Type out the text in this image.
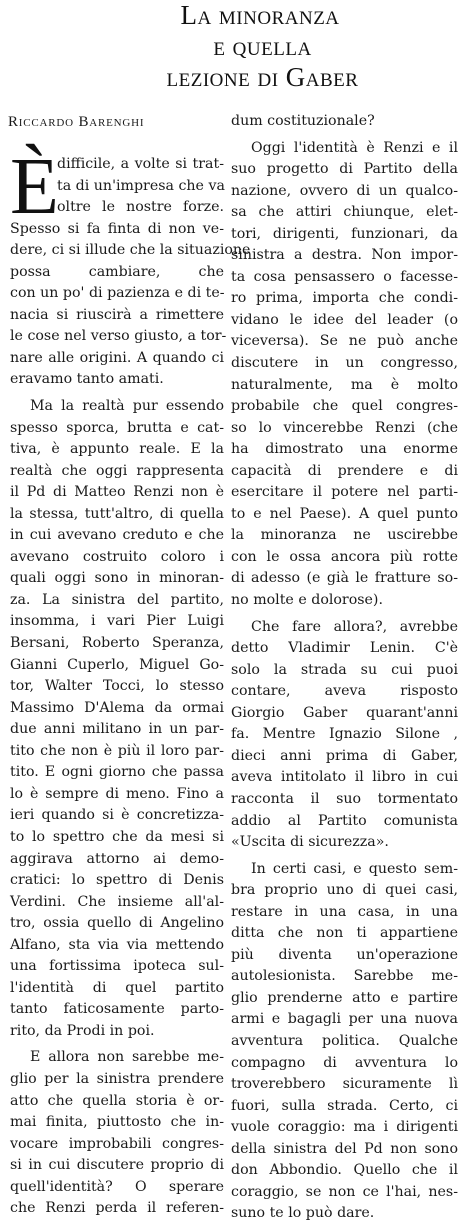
La minoranza
e quella
lezione di Gaber
Riccardo Barenghi
È
difficile, a volte si trat-
ta di un'impresa che va
oltre le nostre forze.
Spesso si fa finta di non ve-
dere, ci si illude che la situazione
possa cambiare, che
con un po' di pazienza e di te-
nacia si riuscirà a rimettere
le cose nel verso giusto, a tor-
nare alle origini. A quando ci
eravamo tanto amati.
Ma la realtà pur essendo
spesso sporca, brutta e cat-
tiva, è appunto reale. E la
realtà che oggi rappresenta
il Pd di Matteo Renzi non è
la stessa, tutt'altro, di quella
in cui avevano creduto e che
avevano costruito coloro i
quali oggi sono in minoran-
za. La sinistra del partito,
insomma, i vari Pier Luigi
Bersani, Roberto Speranza,
Gianni Cuperlo, Miguel Go-
tor, Walter Tocci, lo stesso
Massimo D'Alema da ormai
due anni militano in un par-
tito che non è più il loro par-
tito. E ogni giorno che passa
lo è sempre di meno. Fino a
ieri quando si è concretizza-
to lo spettro che da mesi si
aggirava attorno ai demo-
cratici: lo spettro di Denis
Verdini. Che insieme all'al-
tro, ossia quello di Angelino
Alfano, sta via via mettendo
una fortissima ipoteca sul-
l'identità di quel partito
tanto faticosamente parto-
rito, da Prodi in poi.
E allora non sarebbe me-
glio per la sinistra prendere
atto che quella storia è or-
mai finita, piuttosto che in-
vocare improbabili congres-
si in cui discutere proprio di
quell'identità? O sperare
che Renzi perda il referen-
dum costituzionale?
Oggi l'identità è Renzi e il
suo progetto di Partito della
nazione, ovvero di un qualco-
sa che attiri chiunque, elet-
tori, dirigenti, funzionari, da
sinistra a destra. Non impor-
ta cosa pensassero o facesse-
ro prima, importa che condi-
vidano le idee del leader (o
viceversa). Se ne può anche
discutere in un congresso,
naturalmente, ma è molto
probabile che quel congres-
so lo vincerebbe Renzi (che
ha dimostrato una enorme
capacità di prendere e di
esercitare il potere nel parti-
to e nel Paese). A quel punto
la minoranza ne uscirebbe
con le ossa ancora più rotte
di adesso (e già le fratture so-
no molte e dolorose).
Che fare allora?, avrebbe
detto Vladimir Lenin. C'è
solo la strada su cui puoi
contare, aveva risposto
Giorgio Gaber quarant'anni
fa. Mentre Ignazio Silone ,
dieci anni prima di Gaber,
aveva intitolato il libro in cui
racconta il suo tormentato
addio al Partito comunista
«Uscita di sicurezza».
In certi casi, e questo sem-
bra proprio uno di quei casi,
restare in una casa, in una
ditta che non ti appartiene
più diventa un'operazione
autolesionista. Sarebbe me-
glio prenderne atto e partire
armi e bagagli per una nuova
avventura politica. Qualche
compagno di avventura lo
troverebbero sicuramente lì
fuori, sulla strada. Certo, ci
vuole coraggio: ma i dirigenti
della sinistra del Pd non sono
don Abbondio. Quello che il
coraggio, se non ce l'hai, nes-
suno te lo può dare.
